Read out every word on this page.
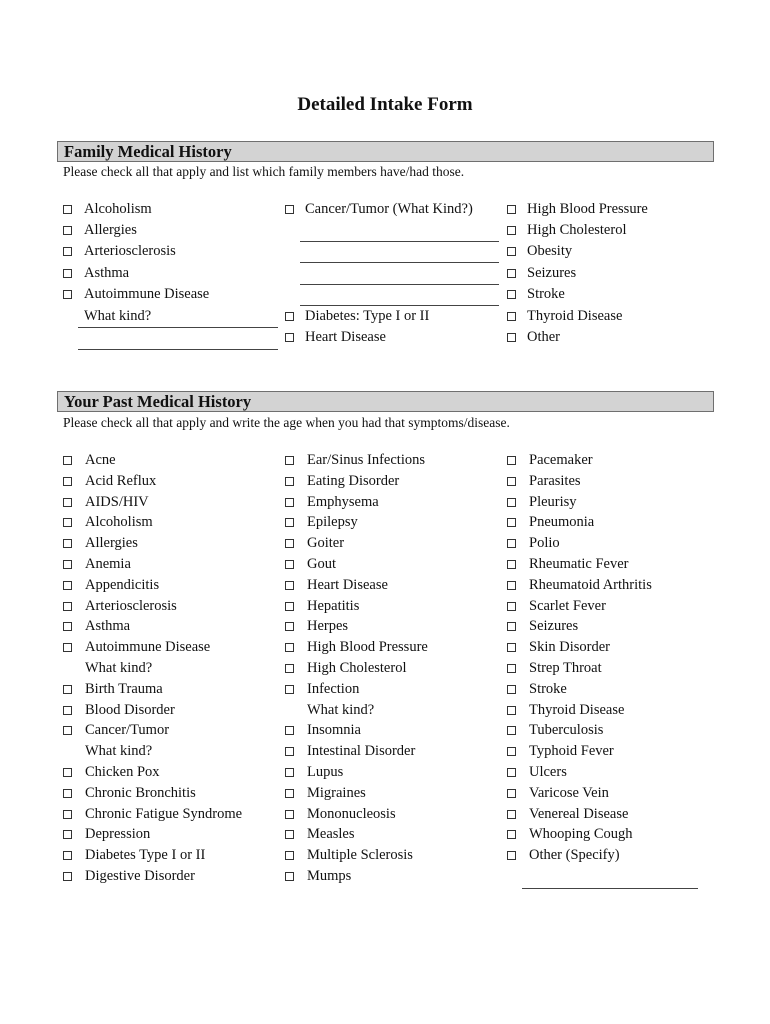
Detailed Intake Form
Family Medical History
Please check all that apply and list which family members have/had those.
Alcoholism
Allergies
Arteriosclerosis
Asthma
Autoimmune Disease
What kind?
Cancer/Tumor (What Kind?)
Diabetes: Type I or II
Heart Disease
High Blood Pressure
High Cholesterol
Obesity
Seizures
Stroke
Thyroid Disease
Other
Your Past Medical History
Please check all that apply and write the age when you had that symptoms/disease.
Acne
Acid Reflux
AIDS/HIV
Alcoholism
Allergies
Anemia
Appendicitis
Arteriosclerosis
Asthma
Autoimmune Disease
What kind?
Birth Trauma
Blood Disorder
Cancer/Tumor
What kind?
Chicken Pox
Chronic Bronchitis
Chronic Fatigue Syndrome
Depression
Diabetes Type I or II
Digestive Disorder
Ear/Sinus Infections
Eating Disorder
Emphysema
Epilepsy
Goiter
Gout
Heart Disease
Hepatitis
Herpes
High Blood Pressure
High Cholesterol
Infection
What kind?
Insomnia
Intestinal Disorder
Lupus
Migraines
Mononucleosis
Measles
Multiple Sclerosis
Mumps
Pacemaker
Parasites
Pleurisy
Pneumonia
Polio
Rheumatic Fever
Rheumatoid Arthritis
Scarlet Fever
Seizures
Skin Disorder
Strep Throat
Stroke
Thyroid Disease
Tuberculosis
Typhoid Fever
Ulcers
Varicose Vein
Venereal Disease
Whooping Cough
Other (Specify)
